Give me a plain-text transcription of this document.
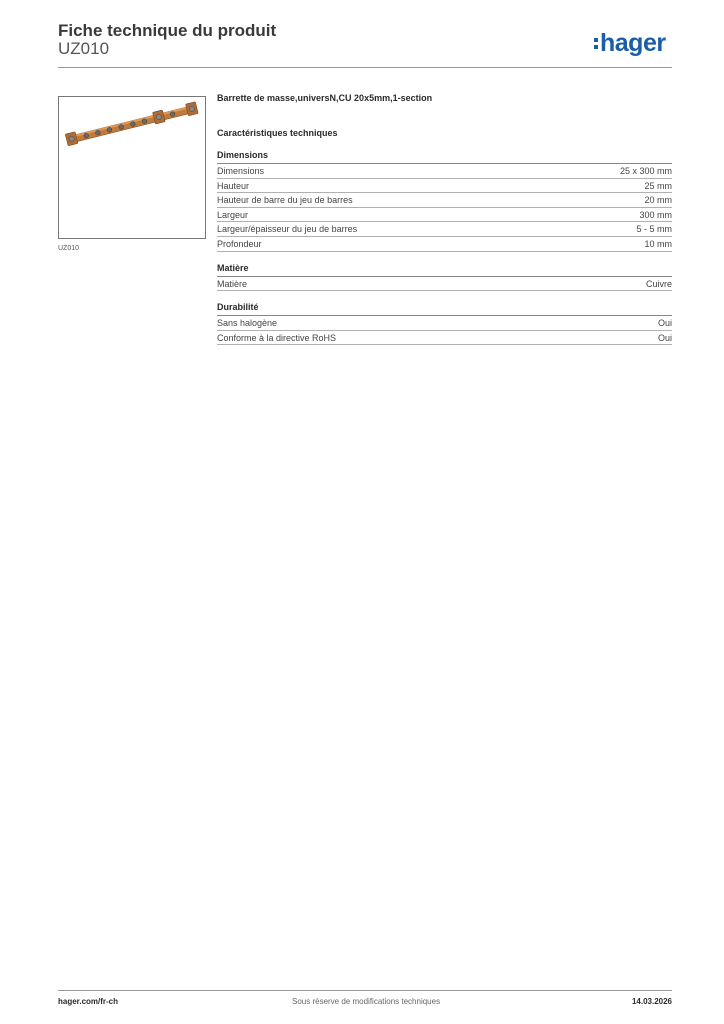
Fiche technique du produit
UZ010	hager
UZ010
Barrette de masse,universN,CU 20x5mm,1-section
Caractéristiques techniques
Dimensions
Dimensions	25 x 300 mm
Hauteur	25 mm
Hauteur de barre du jeu de barres	20 mm
Largeur	300 mm
Largeur/épaisseur du jeu de barres	5 - 5 mm
Profondeur	10 mm
Matière
Matière	Cuivre
Durabilité
Sans halogène	Oui
Conforme à la directive RoHS	Oui
hager.com/fr-ch	Sous réserve de modifications techniques	14.03.2026
